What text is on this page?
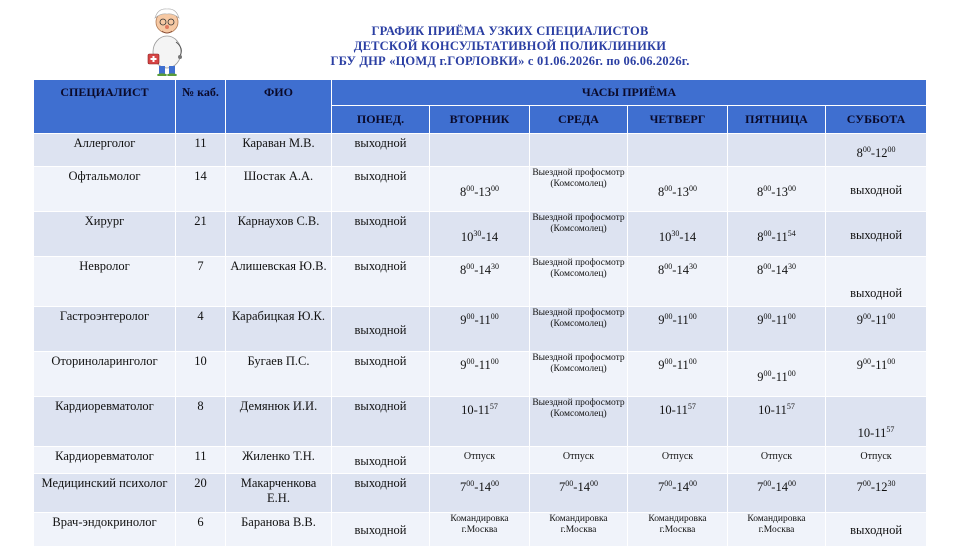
ГРАФИК ПРИЁМА УЗКИХ СПЕЦИАЛИСТОВ
ДЕТСКОЙ КОНСУЛЬТАТИВНОЙ ПОЛИКЛИНИКИ
ГБУ ДНР «ЦОМД г.ГОРЛОВКИ» с 01.06.2026г. по 06.06.2026г.
СПЕЦИАЛИСТ	№ каб.	ФИО	ЧАСЫ ПРИЁМА					
			ПОНЕД.	ВТОРНИК	СРЕДА	ЧЕТВЕРГ	ПЯТНИЦА	СУББОТА
Аллерголог	11	Караван М.В.	выходной					$8^{00}-12^{00}$
Офтальмолог	14	Шостак А.А.	выходной	$8^{00}-13^{00}$	Выездной профосмотр (Комсомолец)	$8^{00}-13^{00}$	$8^{00}-13^{00}$	выходной
Хирург	21	Карнаухов С.В.	выходной	$10^{30}-14$	Выездной профосмотр (Комсомолец)	$10^{30}-14$	$8^{00}-11^{54}$	выходной
Невролог	7	Алишевская Ю.В.	выходной	$8^{00}-14^{30}$	Выездной профосмотр (Комсомолец)	$8^{00}-14^{30}$	$8^{00}-14^{30}$	выходной
Гастроэнтеролог	4	Карабицкая Ю.К.	выходной	$9^{00}-11^{00}$	Выездной профосмотр (Комсомолец)	$9^{00}-11^{00}$	$9^{00}-11^{00}$	$9^{00}-11^{00}$
Оториноларинголог	10	Бугаев П.С.	выходной	$9^{00}-11^{00}$	Выездной профосмотр (Комсомолец)	$9^{00}-11^{00}$	$9^{00}-11^{00}$	$9^{00}-11^{00}$
Кардиоревматолог	8	Демянюк И.И.	выходной	$10-11^{57}$	Выездной профосмотр (Комсомолец)	$10-11^{57}$	$10-11^{57}$	$10-11^{57}$
Кардиоревматолог	11	Жиленко Т.Н.	выходной	Отпуск	Отпуск	Отпуск	Отпуск	Отпуск
Медицинский психолог	20	Макарченкова Е.Н.	выходной	$7^{00}-14^{00}$	$7^{00}-14^{00}$	$7^{00}-14^{00}$	$7^{00}-14^{00}$	$7^{00}-12^{30}$
Врач-эндокринолог	6	Баранова В.В.	выходной	Командировка г.Москва	Командировка г.Москва	Командировка г.Москва	Командировка г.Москва	выходной
